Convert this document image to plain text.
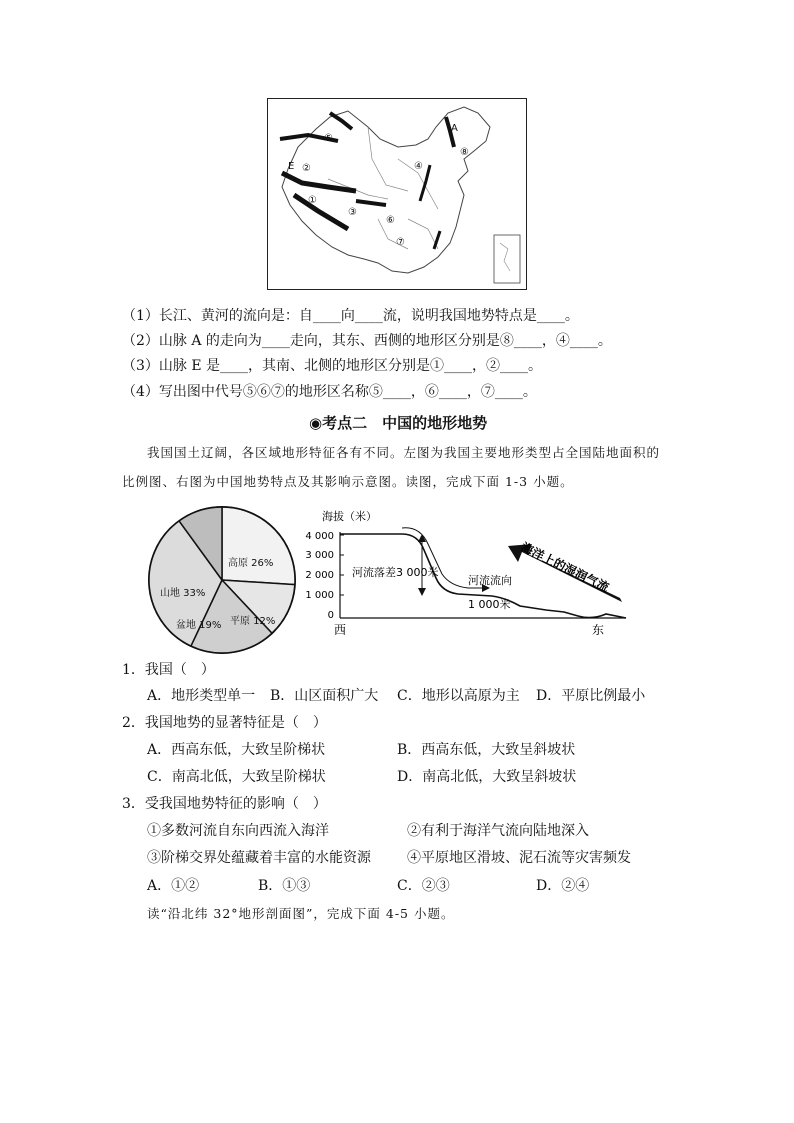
A
E
①
②
③
④
⑤
⑥
⑦
⑧
（1）长江、黄河的流向是：自____向____流，说明我国地势特点是____。
（2）山脉 A 的走向为____走向，其东、西侧的地形区分别是⑧____，④____。
（3）山脉 E 是____，其南、北侧的地形区分别是①____，②____。
（4）写出图中代号⑤⑥⑦的地形区名称⑤____，⑥____，⑦____。
◉考点二　中国的地形地势
我国国土辽阔，各区域地形特征各有不同。左图为我国主要地形类型占全国陆地面积的
比例图、右图为中国地势特点及其影响示意图。读图，完成下面 1-3 小题。
山地 33%
高原 26%
盆地 19% 平原 12%
海拔（米）
4 000
3 000
2 000
1 000
0
河流落差3 000米
河流流向
1 000米
海洋上的湿润气流
西	东
1．我国（　）
A．地形类型单一 B．山区面积广大 C．地形以高原为主 D．平原比例最小
2．我国地势的显著特征是（　）
A．西高东低，大致呈阶梯状	B．西高东低，大致呈斜坡状
C．南高北低，大致呈阶梯状	D．南高北低，大致呈斜坡状
3．受我国地势特征的影响（　）
①多数河流自东向西流入海洋	②有利于海洋气流向陆地深入
③阶梯交界处蕴藏着丰富的水能资源	④平原地区滑坡、泥石流等灾害频发
A．①②	B．①③	C．②③	D．②④
读“沿北纬 32°地形剖面图”，完成下面 4-5 小题。
